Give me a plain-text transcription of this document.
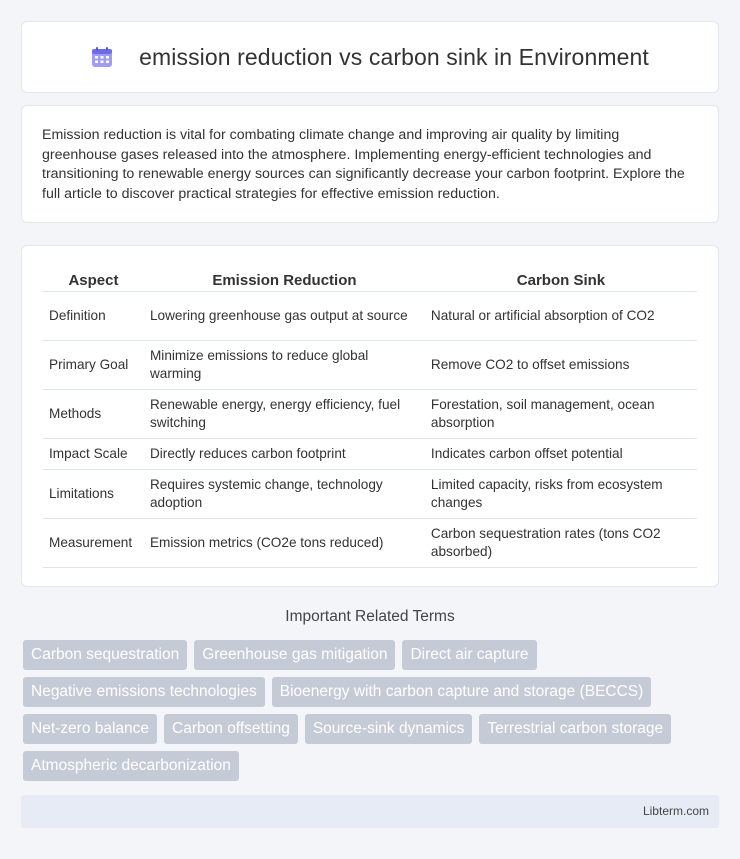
emission reduction vs carbon sink in Environment

Emission reduction is vital for combating climate change and improving air quality by limiting greenhouse gases released into the atmosphere. Implementing energy-efficient technologies and transitioning to renewable energy sources can significantly decrease your carbon footprint. Explore the full article to discover practical strategies for effective emission reduction.

Aspect	Emission Reduction	Carbon Sink
Definition	Lowering greenhouse gas output at source	Natural or artificial absorption of CO2
Primary Goal	Minimize emissions to reduce global warming	Remove CO2 to offset emissions
Methods	Renewable energy, energy efficiency, fuel switching	Forestation, soil management, ocean absorption
Impact Scale	Directly reduces carbon footprint	Indicates carbon offset potential
Limitations	Requires systemic change, technology adoption	Limited capacity, risks from ecosystem changes
Measurement	Emission metrics (CO2e tons reduced)	Carbon sequestration rates (tons CO2 absorbed)
Important Related Terms
Carbon sequestration	Greenhouse gas mitigation	Direct air capture
Negative emissions technologies	Bioenergy with carbon capture and storage (BECCS)
Net-zero balance	Carbon offsetting	Source-sink dynamics	Terrestrial carbon storage
Atmospheric decarbonization
Libterm.com
